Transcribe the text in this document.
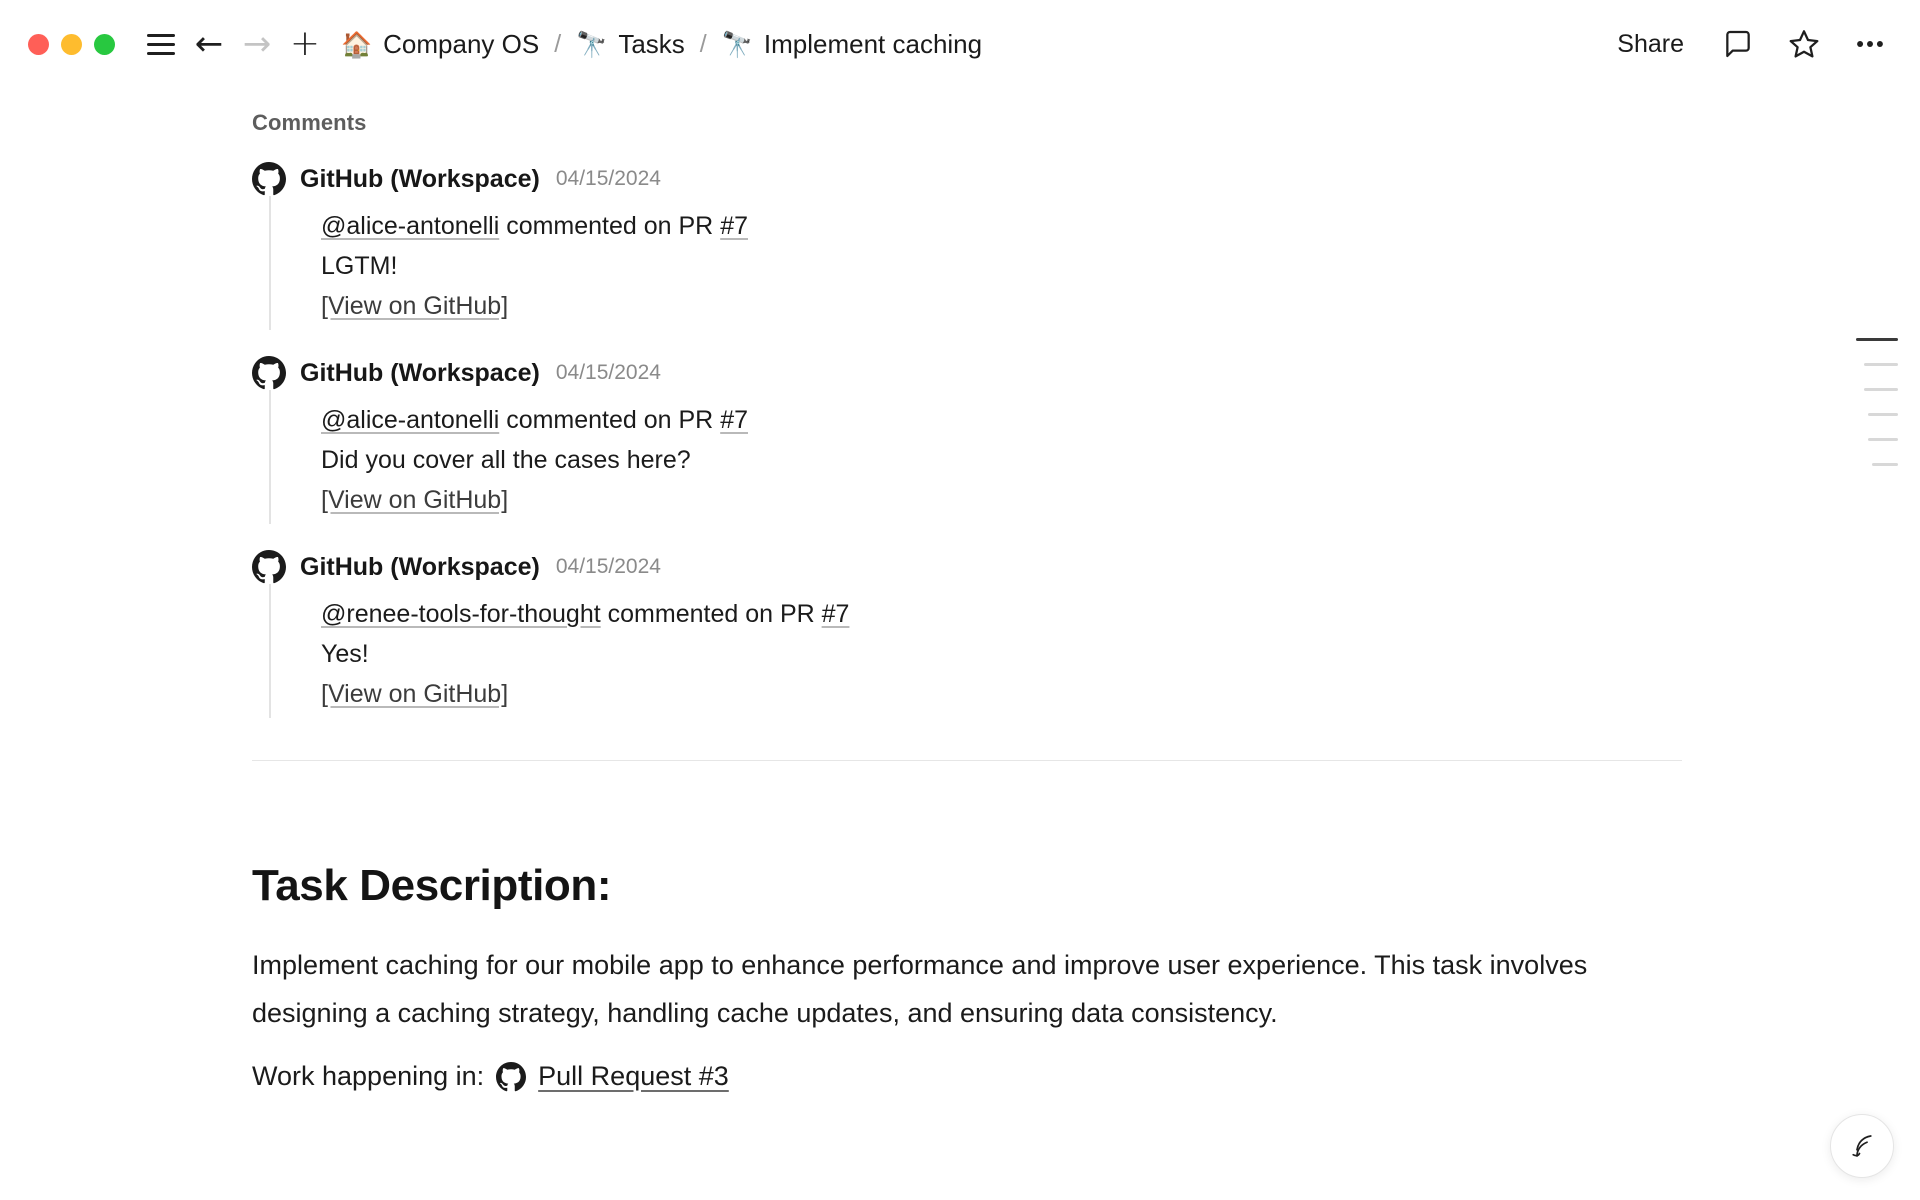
← → + 🏠 Company OS / 🔭 Tasks / 🔭 Implement caching	Share
Comments
GitHub (Workspace) 04/15/2024
@alice-antonelli commented on PR #7
LGTM!
[View on GitHub]
GitHub (Workspace) 04/15/2024
@alice-antonelli commented on PR #7
Did you cover all the cases here?
[View on GitHub]
GitHub (Workspace) 04/15/2024
@renee-tools-for-thought commented on PR #7
Yes!
[View on GitHub]
Task Description:

Implement caching for our mobile app to enhance performance and improve user experience. This task involves designing a caching strategy, handling cache updates, and ensuring data consistency.

Work happening in: Pull Request #3
